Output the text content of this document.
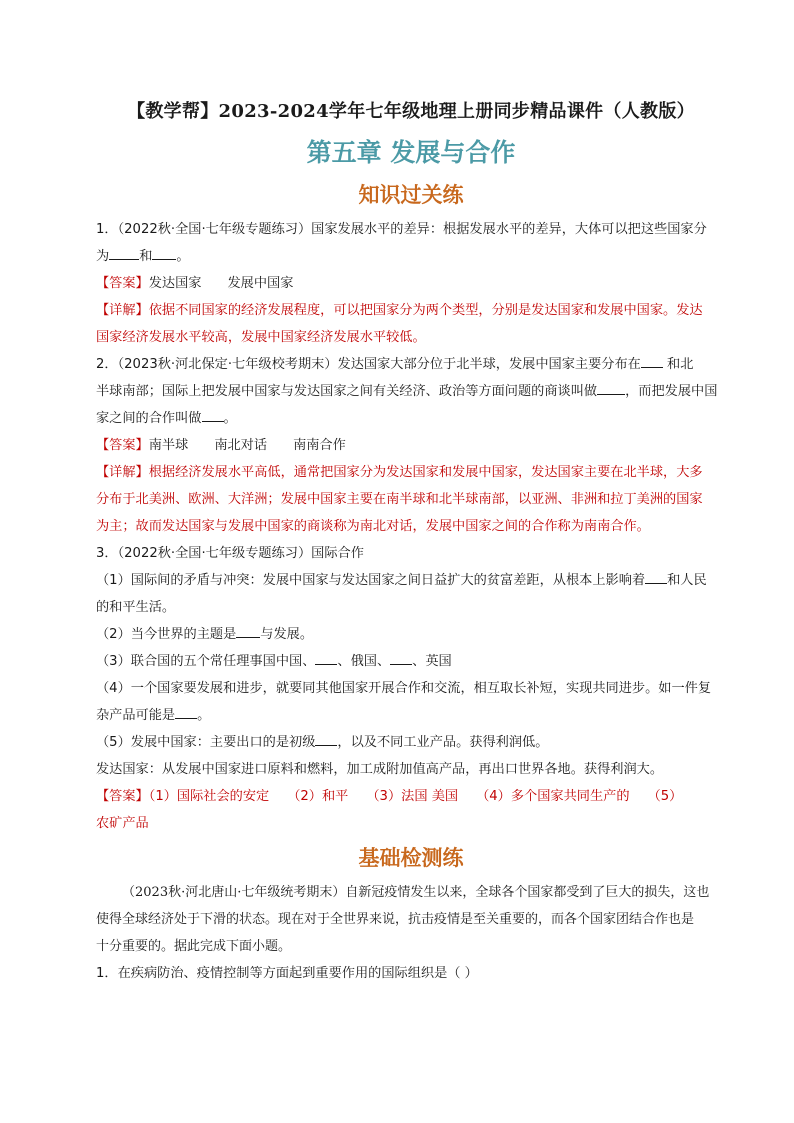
【教学帮】2023-2024学年七年级地理上册同步精品课件（人教版）
第五章 发展与合作
知识过关练

1．（2022秋·全国·七年级专题练习）国家发展水平的差异：根据发展水平的差异，大体可以把这些国家分

为 和 。

【答案】发达国家 发展中国家

【详解】依据不同国家的经济发展程度，可以把国家分为两个类型，分别是发达国家和发展中国家。发达

国家经济发展水平较高，发展中国家经济发展水平较低。

2．（2023秋·河北保定·七年级校考期末）发达国家大部分位于北半球，发展中国家主要分布在 和北

半球南部；国际上把发展中国家与发达国家之间有关经济、政治等方面问题的商谈叫做 ，而把发展中国

家之间的合作叫做 。

【答案】南半球 南北对话 南南合作

【详解】根据经济发展水平高低，通常把国家分为发达国家和发展中国家，发达国家主要在北半球，大多

分布于北美洲、欧洲、大洋洲；发展中国家主要在南半球和北半球南部，以亚洲、非洲和拉丁美洲的国家

为主；故而发达国家与发展中国家的商谈称为南北对话，发展中国家之间的合作称为南南合作。

3．（2022秋·全国·七年级专题练习）国际合作

（1）国际间的矛盾与冲突：发展中国家与发达国家之间日益扩大的贫富差距，从根本上影响着 和人民

的和平生活。

（2）当今世界的主题是 与发展。

（3）联合国的五个常任理事国中国、 、俄国、 、英国

（4）一个国家要发展和进步，就要同其他国家开展合作和交流，相互取长补短，实现共同进步。如一件复

杂产品可能是 。

（5）发展中国家：主要出口的是初级 ，以及不同工业产品。获得利润低。

发达国家：从发展中国家进口原料和燃料，加工成附加值高产品，再出口世界各地。获得利润大。

【答案】（1）国际社会的安定 （2）和平 （3）法国 美国 （4）多个国家共同生产的 （5）

农矿产品

基础检测练

（2023秋·河北唐山·七年级统考期末）自新冠疫情发生以来，全球各个国家都受到了巨大的损失，这也

使得全球经济处于下滑的状态。现在对于全世界来说，抗击疫情是至关重要的，而各个国家团结合作也是

十分重要的。据此完成下面小题。

1．在疾病防治、疫情控制等方面起到重要作用的国际组织是（ ）
